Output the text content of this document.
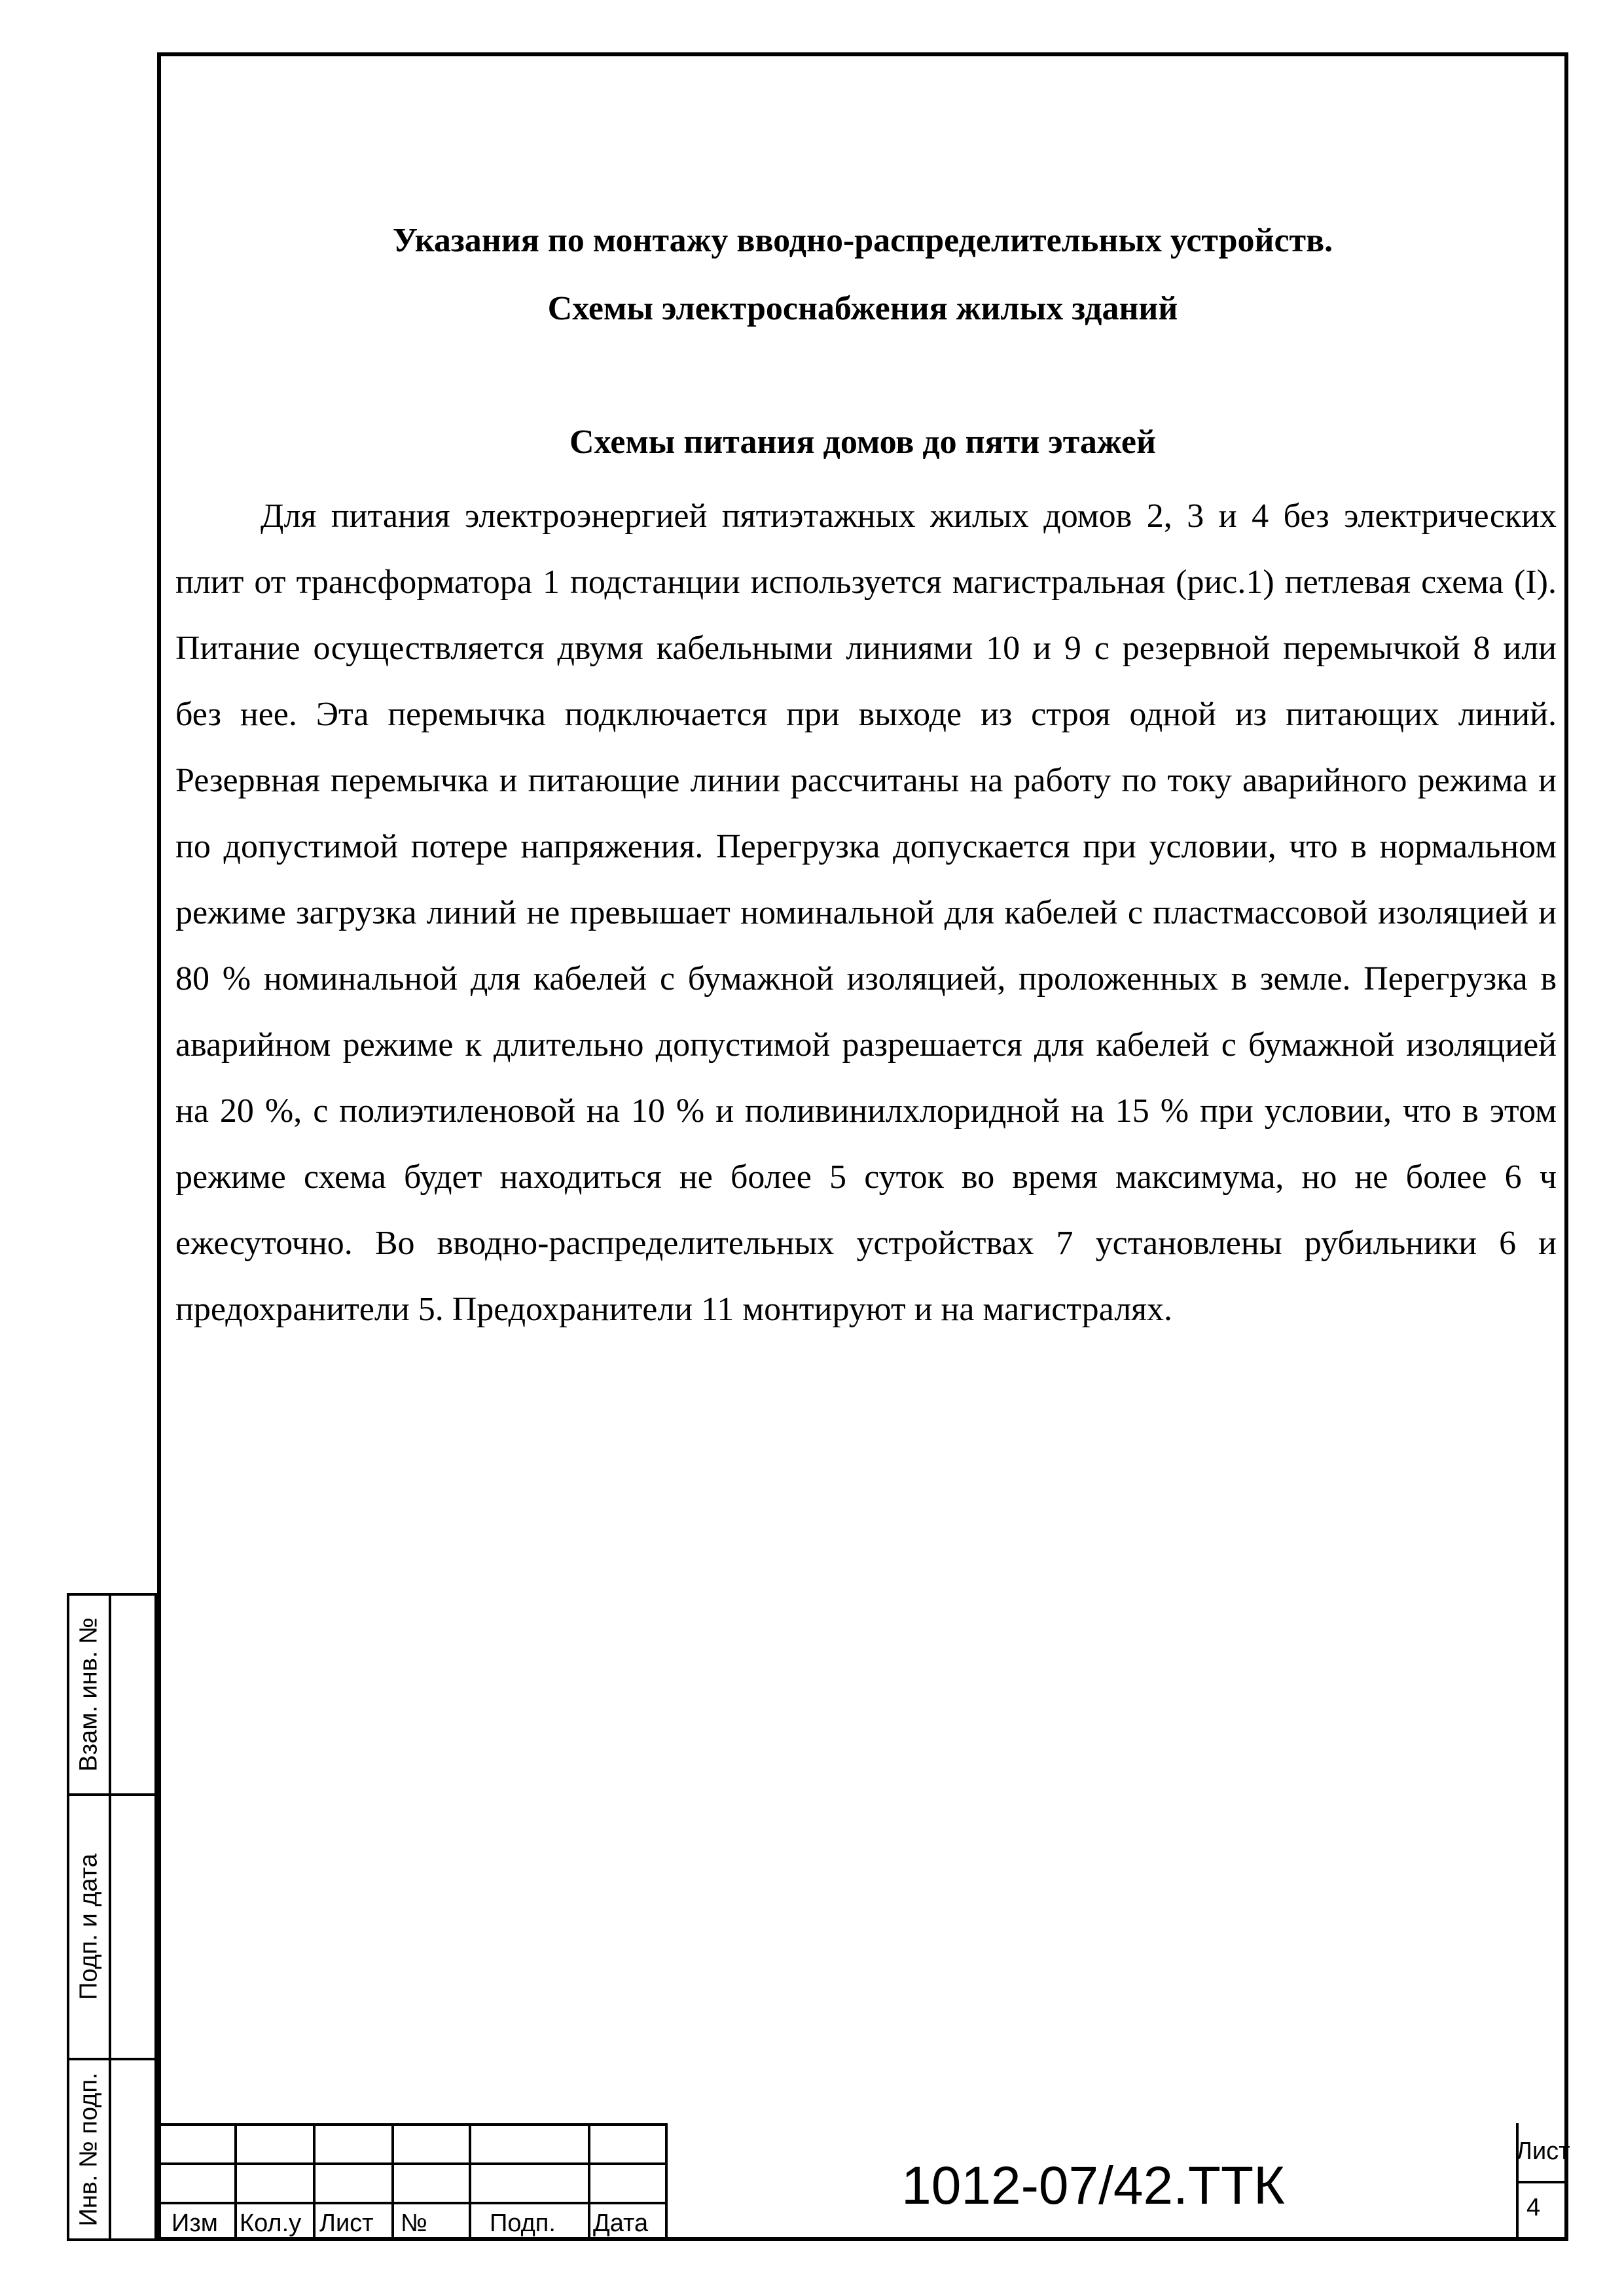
Указания по монтажу вводно-распределительных устройств.
Схемы электроснабжения жилых зданий
Схемы питания домов до пяти этажей

Для питания электроэнергией пятиэтажных жилых домов 2, 3 и 4 без электрических плит от трансформатора 1 подстанции используется магистральная (рис.1) петлевая схема (I). Питание осуществляется двумя кабельными линиями 10 и 9 с резервной перемычкой 8 или без нее. Эта перемычка подключается при выходе из строя одной из питающих линий. Резервная перемычка и питающие линии рассчитаны на работу по току аварийного режима и по допустимой потере напряжения. Перегрузка допускается при условии, что в нормальном режиме загрузка линий не превышает номинальной для кабелей с пластмассовой изоляцией и 80 % номинальной для кабелей с бумажной изоляцией, проложенных в земле. Перегрузка в аварийном режиме к длительно допустимой разрешается для кабелей с бумажной изоляцией на 20 %, с полиэтиленовой на 10 % и поливинилхлоридной на 15 % при условии, что в этом режиме схема будет находиться не более 5 суток во время максимума, но не более 6 ч ежесуточно. Во вводно-распределительных устройствах 7 установлены рубильники 6 и предохранители 5. Предохранители 11 монтируют и на магистралях.

Взам. инв. №
Подп. и дата
Инв. № подп.	Изм Кол.у Лист №	Подп. Дата
1012-07/42.ТТК
Лист
4
